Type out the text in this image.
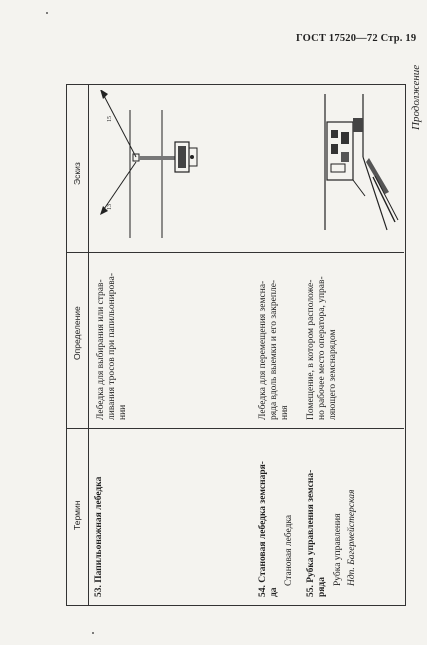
ГОСТ 17520—72 Стр. 19
Продолжение
Термин
Определение
Эскиз
53. Папильонажная лебедка
Лебедка для выбирания или страв- ливания тросов при папильонирова- нии
54. Становая лебедка земснаря- да
Становая лебедка
Лебедка для перемещения земсна- ряда вдоль выемки и его закрепле- ния
55. Рубка управления земсна- ряда
Рубка управления Ндп. Багермейстерская
Помещение, в котором расположе- но рабочее место оператора, управ- ляющего земснарядом
15
13
